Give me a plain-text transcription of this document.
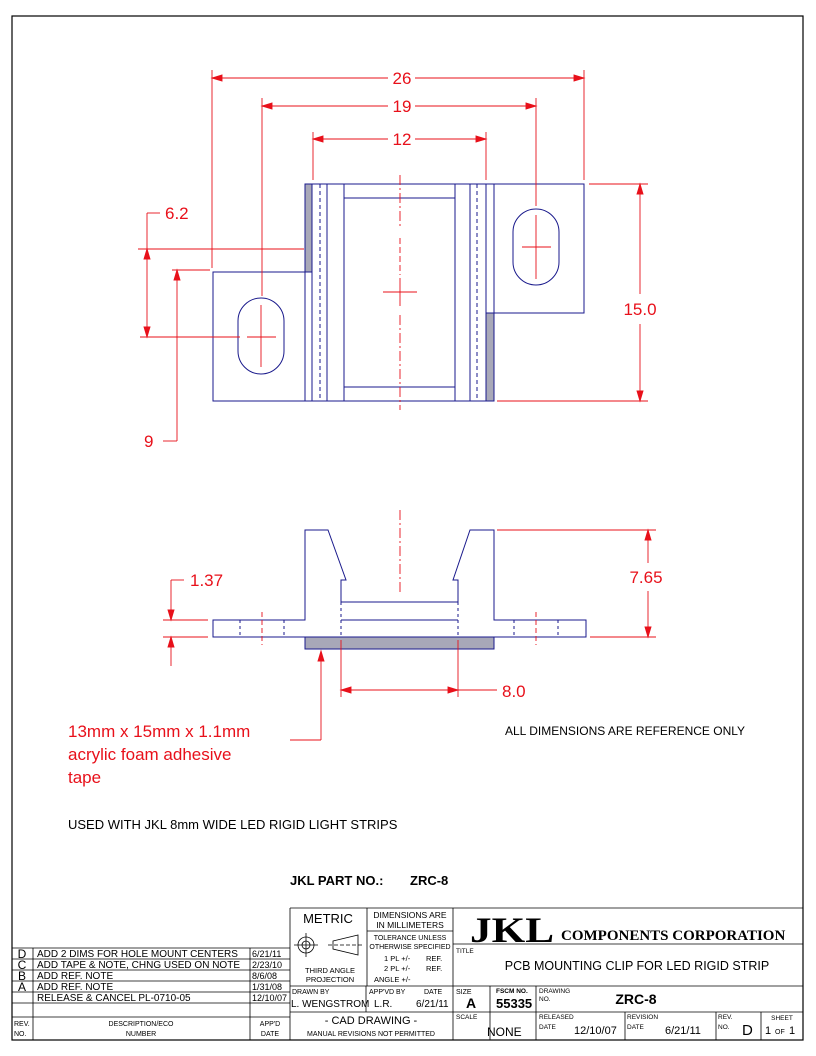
26
19
12
6.2
15.0
9
1.37	7.65
8.0
13mm x 15mm x 1.1mm
acrylic foam adhesive
tape
ALL DIMENSIONS ARE REFERENCE ONLY
USED WITH JKL 8mm WIDE LED RIGID LIGHT STRIPS
JKL PART NO.: ZRC-8
D ADD 2 DIMS FOR HOLE MOUNT CENTERS 6/21/11
C ADD TAPE & NOTE, CHNG USED ON NOTE 2/23/10
B ADD REF. NOTE	8/6/08
A ADD REF. NOTE	1/31/08
RELEASE & CANCEL PL-0710-05	12/10/07
REV.
NO.
DESCRIPTION/ECO
NUMBER
APP'D
DATE
METRIC
THIRD ANGLE
PROJECTION
DIMENSIONS ARE
IN MILLIMETERS
TOLERANCE UNLESS
OTHERWISE SPECIFIED
1 PL +/- REF.
2 PL +/- REF.
ANGLE +/-
JKL COMPONENTS CORPORATION
TITLE
PCB MOUNTING CLIP FOR LED RIGID STRIP
DRAWN BY
L. WENGSTROM
APP'VD BY
L.R.
DATE
6/21/11
SIZE
A
FSCM NO.
55335
DRAWING
NO.	ZRC-8
- CAD DRAWING -
MANUAL REVISIONS NOT PERMITTED
SCALE
NONE
RELEASED
DATE 12/10/07
REVISION
DATE 6/21/11
REV.
NO. D
SHEET
1 OF 1
